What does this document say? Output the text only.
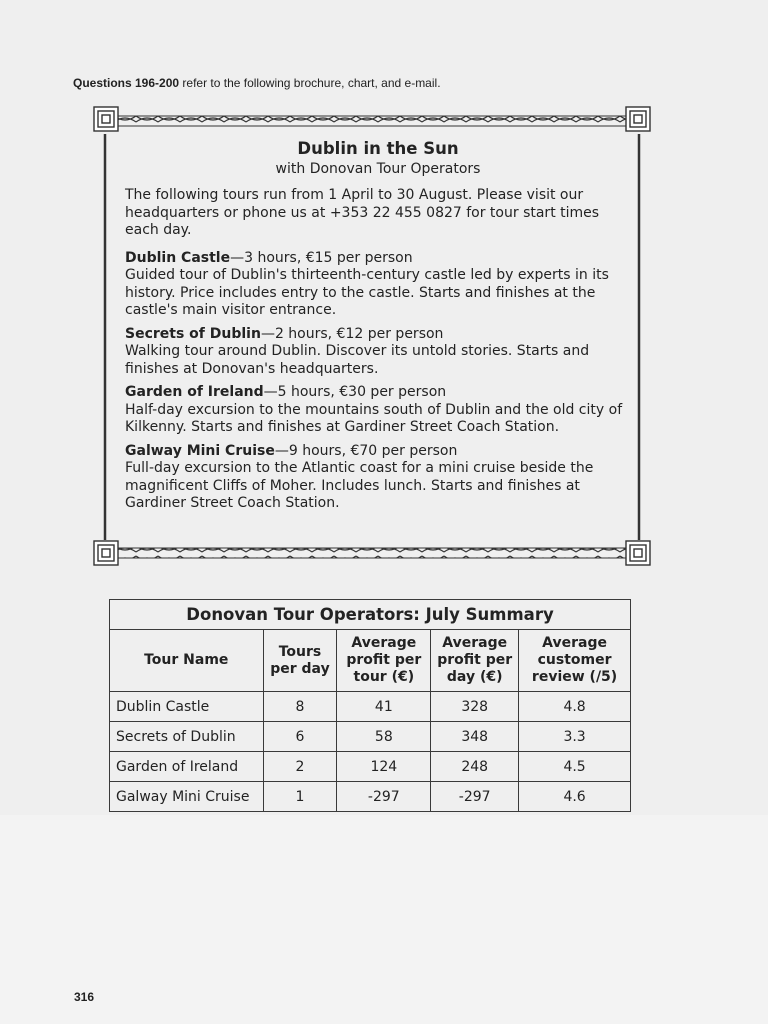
Questions 196-200 refer to the following brochure, chart, and e-mail.
Dublin in the Sun
with Donovan Tour Operators

The following tours run from 1 April to 30 August. Please visit our headquarters or phone us at +353 22 455 0827 for tour start times each day.

Dublin Castle—3 hours, €15 per person
Guided tour of Dublin's thirteenth-century castle led by experts in its history. Price includes entry to the castle. Starts and finishes at the castle's main visitor entrance.
Secrets of Dublin—2 hours, €12 per person
Walking tour around Dublin. Discover its untold stories. Starts and finishes at Donovan's headquarters.
Garden of Ireland—5 hours, €30 per person
Half-day excursion to the mountains south of Dublin and the old city of Kilkenny. Starts and finishes at Gardiner Street Coach Station.
Galway Mini Cruise—9 hours, €70 per person
Full-day excursion to the Atlantic coast for a mini cruise beside the magnificent Cliffs of Moher. Includes lunch. Starts and finishes at Gardiner Street Coach Station.
Donovan Tour Operators: July Summary				
Tour Name	Tours per day	Average profit per tour (€)	Average profit per day (€)	Average customer review (/5)
Dublin Castle	8	41	328	4.8
Secrets of Dublin	6	58	348	3.3
Garden of Ireland	2	124	248	4.5
Galway Mini Cruise	1	-297	-297	4.6
316
